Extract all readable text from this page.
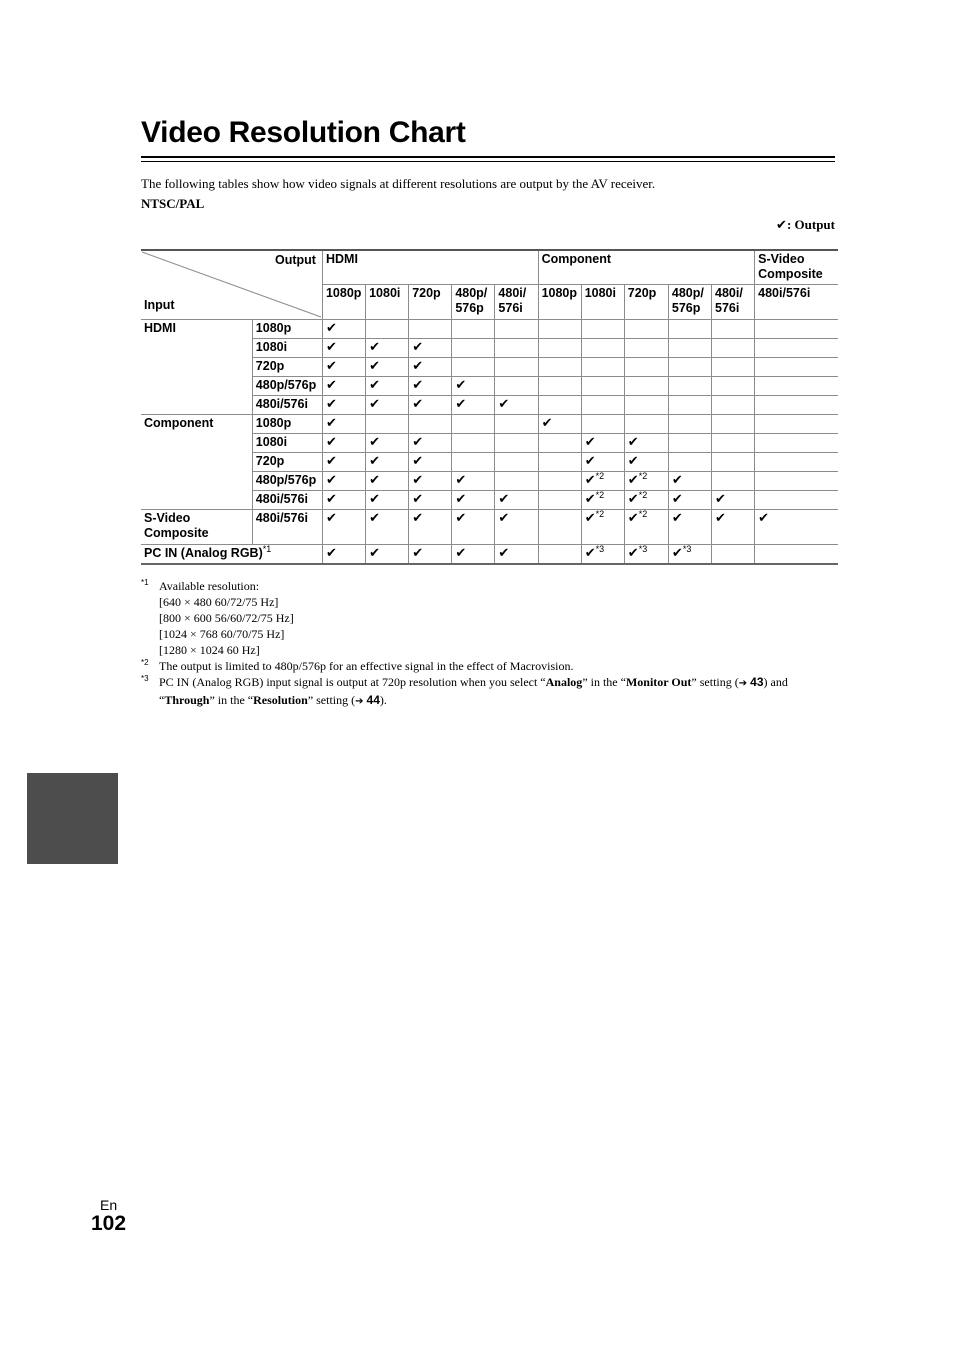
Video Resolution Chart
The following tables show how video signals at different resolutions are output by the AV receiver.
NTSC/PAL
✔: Output
Output
Input		HDMI					Component					S-Video Composite
		1080p	1080i	720p	480p/ 576p	480i/ 576i	1080p	1080i	720p	480p/ 576p	480i/ 576i	480i/576i
HDMI	1080p	✔										
	1080i	✔	✔	✔								
	720p	✔	✔	✔								
	480p/576p	✔	✔	✔	✔							
	480i/576i	✔	✔	✔	✔	✔						
Component	1080p	✔					✔					
	1080i	✔	✔	✔				✔	✔			
	720p	✔	✔	✔				✔	✔			
	480p/576p	✔	✔	✔	✔			✔$^{*2}$	✔$^{*2}$	✔		
	480i/576i	✔	✔	✔	✔	✔		✔$^{*2}$	✔$^{*2}$	✔	✔	
S-Video Composite	480i/576i	✔	✔	✔	✔	✔		✔$^{*2}$	✔$^{*2}$	✔	✔	✔
PC IN (Analog RGB)$^{*1}$		✔	✔	✔	✔	✔		✔$^{*3}$	✔$^{*3}$	✔$^{*3}$		
$^{*1}$ Available resolution:
[640 × 480 60/72/75 Hz]
[800 × 600 56/60/72/75 Hz]
[1024 × 768 60/70/75 Hz]
[1280 × 1024 60 Hz]
$^{*2}$ The output is limited to 480p/576p for an effective signal in the effect of Macrovision.
$^{*3}$ PC IN (Analog RGB) input signal is output at 720p resolution when you select “Analog” in the “Monitor Out” setting (➔ 43) and “Through” in the “Resolution” setting (➔ 44).
En
102
